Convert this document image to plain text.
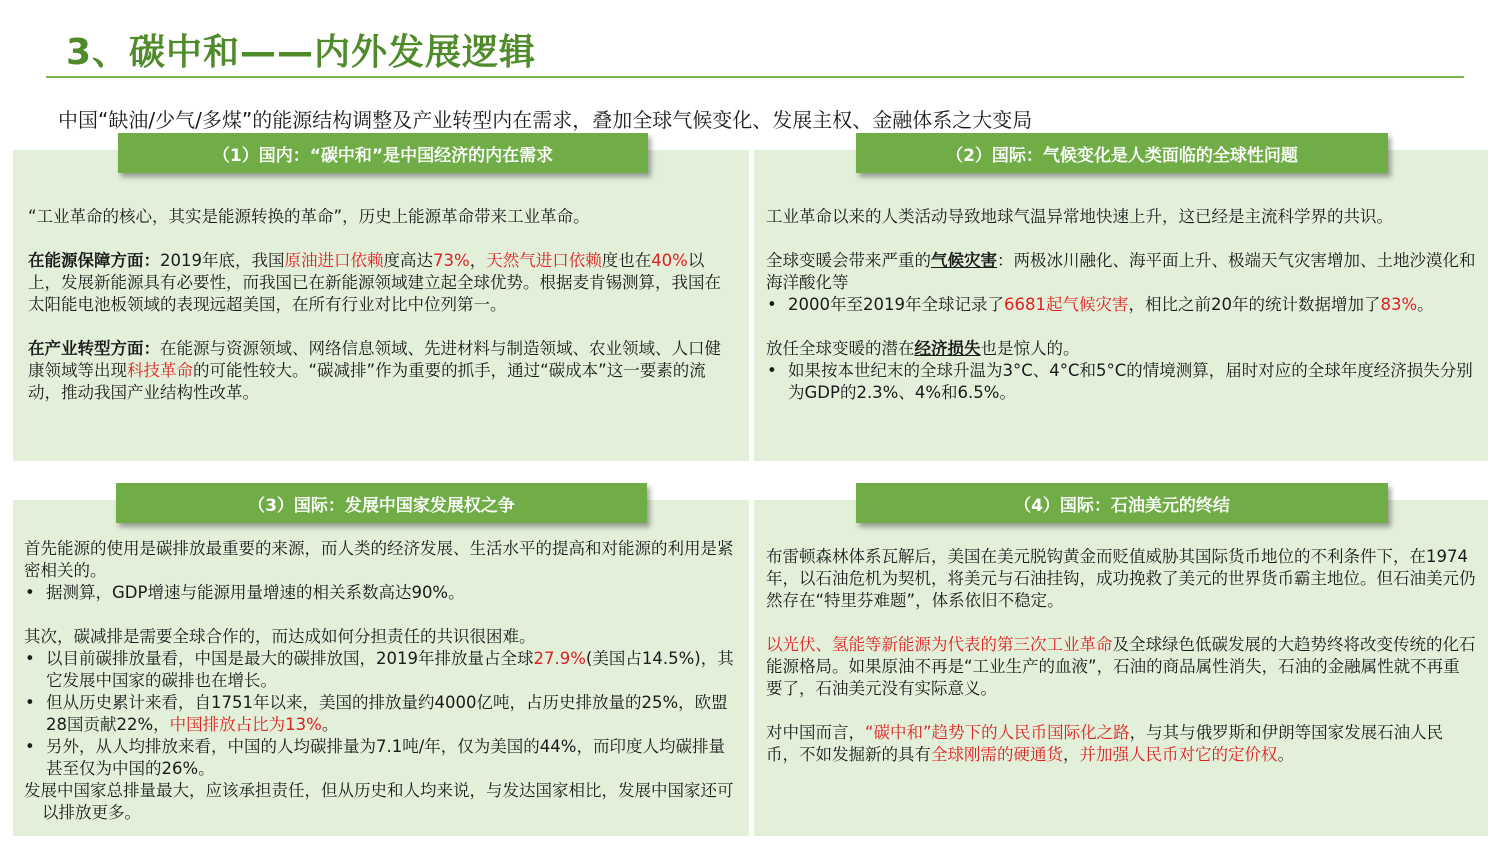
3、碳中和——内外发展逻辑
中国“缺油/少气/多煤”的能源结构调整及产业转型内在需求，叠加全球气候变化、发展主权、金融体系之大变局
（1）国内：“碳中和”是中国经济的内在需求
“工业革命的核心，其实是能源转换的革命”，历史上能源革命带来工业革命。
在能源保障方面：2019年底，我国原油进口依赖度高达73%，天然气进口依赖度也在40%以上，发展新能源具有必要性，而我国已在新能源领域建立起全球优势。根据麦肯锡测算，我国在太阳能电池板领域的表现远超美国，在所有行业对比中位列第一。
在产业转型方面：在能源与资源领域、网络信息领域、先进材料与制造领域、农业领域、人口健康领域等出现科技革命的可能性较大。“碳减排”作为重要的抓手，通过“碳成本”这一要素的流动，推动我国产业结构性改革。
（2）国际：气候变化是人类面临的全球性问题
工业革命以来的人类活动导致地球气温异常地快速上升，这已经是主流科学界的共识。
全球变暖会带来严重的气候灾害：两极冰川融化、海平面上升、极端天气灾害增加、土地沙漠化和海洋酸化等
• 2000年至2019年全球记录了6681起气候灾害，相比之前20年的统计数据增加了83%。
放任全球变暖的潜在经济损失也是惊人的。
• 如果按本世纪末的全球升温为3°C、4°C和5°C的情境测算，届时对应的全球年度经济损失分别为GDP的2.3%、4%和6.5%。
（3）国际：发展中国家发展权之争
首先能源的使用是碳排放最重要的来源，而人类的经济发展、生活水平的提高和对能源的利用是紧密相关的。
• 据测算，GDP增速与能源用量增速的相关系数高达90%。
其次，碳减排是需要全球合作的，而达成如何分担责任的共识很困难。
• 以目前碳排放量看，中国是最大的碳排放国，2019年排放量占全球27.9%(美国占14.5%)，其它发展中国家的碳排也在增长。
• 但从历史累计来看，自1751年以来，美国的排放量约4000亿吨，占历史排放量的25%，欧盟28国贡献22%，中国排放占比为13%。
• 另外，从人均排放来看，中国的人均碳排量为7.1吨/年，仅为美国的44%，而印度人均碳排量甚至仅为中国的26%。
发展中国家总排量最大，应该承担责任，但从历史和人均来说，与发达国家相比，发展中国家还可以排放更多。
（4）国际：石油美元的终结
布雷顿森林体系瓦解后，美国在美元脱钩黄金而贬值威胁其国际货币地位的不利条件下，在1974年，以石油危机为契机，将美元与石油挂钩，成功挽救了美元的世界货币霸主地位。但石油美元仍然存在“特里芬难题”，体系依旧不稳定。
以光伏、氢能等新能源为代表的第三次工业革命及全球绿色低碳发展的大趋势终将改变传统的化石能源格局。如果原油不再是“工业生产的血液”，石油的商品属性消失，石油的金融属性就不再重要了，石油美元没有实际意义。
对中国而言，“碳中和”趋势下的人民币国际化之路，与其与俄罗斯和伊朗等国家发展石油人民币，不如发掘新的具有全球刚需的硬通货，并加强人民币对它的定价权。
